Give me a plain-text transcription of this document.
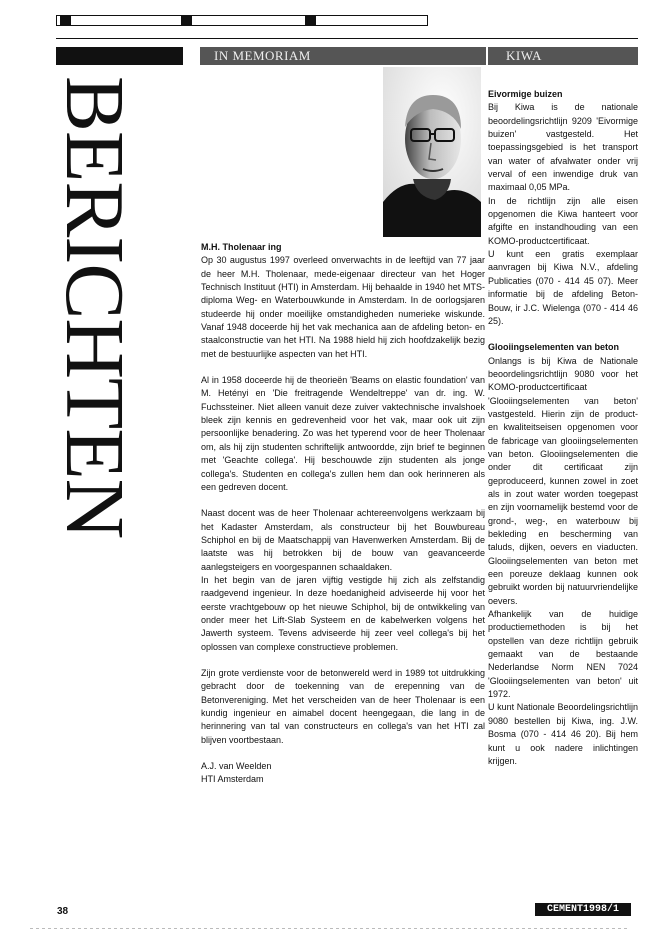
BERICHTEN
IN MEMORIAM	KIWA
M.H. Tholenaar ing

Op 30 augustus 1997 overleed onverwachts in de leeftijd van 77 jaar de heer M.H. Tholenaar, mede-eigenaar directeur van het Hoger Technisch Instituut (HTI) in Amsterdam. Hij behaalde in 1940 het MTS-diploma Weg- en Waterbouwkunde in Amsterdam. In de oorlogsjaren studeerde hij onder moeilijke omstandigheden numerieke wiskunde. Vanaf 1948 doceerde hij het vak mechanica aan de afdeling beton- en staalconstructie van het HTI. Na 1988 hield hij zich hoofdzakelijk bezig met de bestuurlijke aspecten van het HTI.

Al in 1958 doceerde hij de theorieën 'Beams on elastic foundation' van M. Hetényi en 'Die freitragende Wendeltreppe' van dr. ing. W. Fuchssteiner. Niet alleen vanuit deze zuiver vaktechnische invalshoek bleek zijn kennis en gedrevenheid voor het vak, maar ook uit zijn persoonlijke benadering. Zo was het typerend voor de heer Tholenaar om, als hij zijn studenten schriftelijk antwoordde, zijn brief te beginnen met 'Geachte collega'. Hij beschouwde zijn studenten als jonge collega's. Studenten en collega's zullen hem dan ook herinneren als een gedreven docent.

Naast docent was de heer Tholenaar achtereenvolgens werkzaam bij het Kadaster Amsterdam, als constructeur bij het Bouwbureau Schiphol en bij de Maatschappij van Havenwerken Amsterdam. Bij de laatste was hij betrokken bij de bouw van geavanceerde aanlegsteigers en voorgespannen schaaldaken.

In het begin van de jaren vijftig vestigde hij zich als zelfstandig raadgevend ingenieur. In deze hoedanigheid adviseerde hij voor het eerste vrachtgebouw op het nieuwe Schiphol, bij de ontwikkeling van onder meer het Lift-Slab Systeem en de kabelwerken volgens het Jawerth systeem. Tevens adviseerde hij zeer veel collega's bij het oplossen van complexe constructieve problemen.

Zijn grote verdienste voor de betonwereld werd in 1989 tot uitdrukking gebracht door de toekenning van de erepenning van de Betonvereniging. Met het verscheiden van de heer Tholenaar is een kundig ingenieur en aimabel docent heengegaan, die lang in de herinnering van tal van constructeurs en collega's van het HTI zal blijven voortbestaan.

A.J. van Weelden
HTI Amsterdam
Eivormige buizen

Bij Kiwa is de nationale beoordelingsrichtlijn 9209 'Eivormige buizen' vastgesteld. Het toepassingsgebied is het transport van water of afvalwater onder vrij verval of een inwendige druk van maximaal 0,05 MPa.

In de richtlijn zijn alle eisen opgenomen die Kiwa hanteert voor afgifte en instandhouding van een KOMO-productcertificaat.

U kunt een gratis exemplaar aanvragen bij Kiwa N.V., afdeling Publicaties (070 - 414 45 07). Meer informatie bij de afdeling Beton-Bouw, ir J.C. Wielenga (070 - 414 46 25).

Glooiingselementen van beton

Onlangs is bij Kiwa de Nationale beoordelingsrichtlijn 9080 voor het KOMO-productcertificaat 'Glooiingselementen van beton' vastgesteld. Hierin zijn de product- en kwaliteitseisen opgenomen voor de fabricage van glooiingselementen van beton. Glooiingselementen die onder dit certificaat zijn geproduceerd, kunnen zowel in zoet als in zout water worden toegepast en zijn voornamelijk bestemd voor de grond-, weg-, en waterbouw bij bekleding en bescherming van taluds, dijken, oevers en viaducten. Glooiingselementen van beton met een poreuze deklaag kunnen ook gebruikt worden bij natuurvriendelijke oevers.

Afhankelijk van de huidige productiemethoden is bij het opstellen van deze richtlijn gebruik gemaakt van de bestaande Nederlandse Norm NEN 7024 'Glooiingselementen van beton' uit 1972.

U kunt Nationale Beoordelingsrichtlijn 9080 bestellen bij Kiwa, ing. J.W. Bosma (070 - 414 46 20). Bij hem kunt u ook nadere inlichtingen krijgen.

38	CEMENT1998/1
